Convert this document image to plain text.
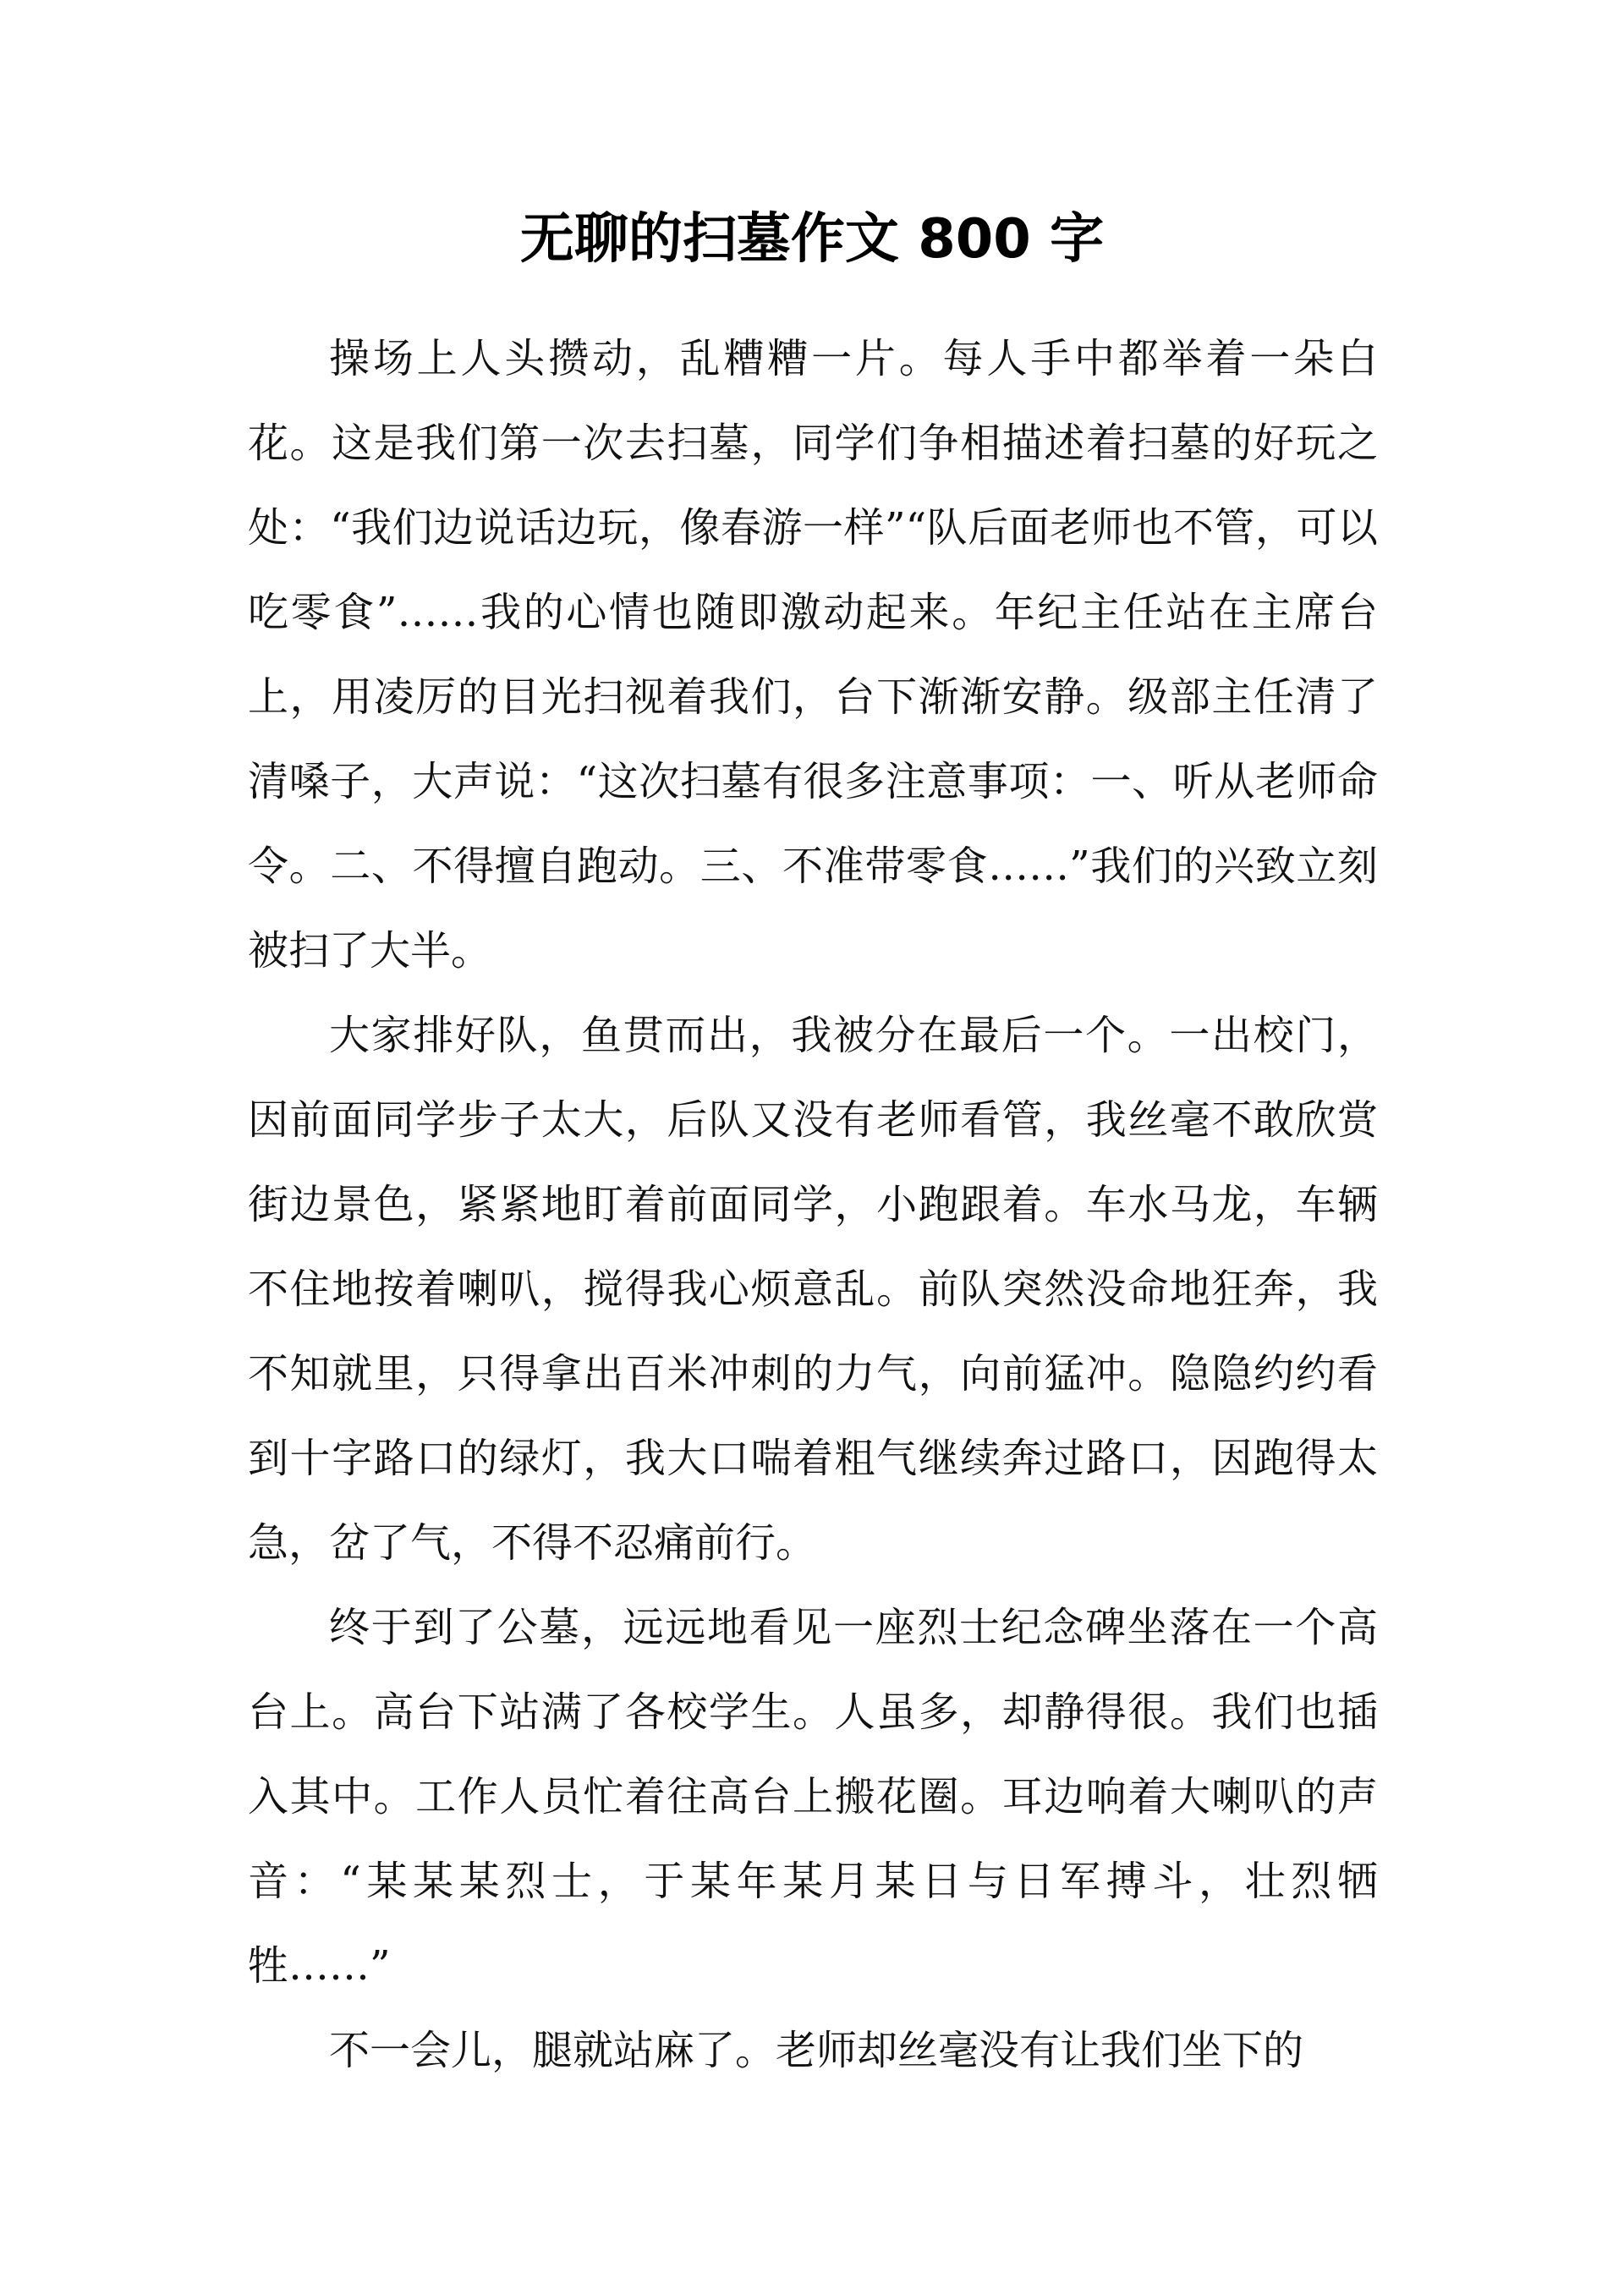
无聊的扫墓作文 800 字

操场上人头攒动，乱糟糟一片。每人手中都举着一朵白花。这是我们第一次去扫墓，同学们争相描述着扫墓的好玩之处：“我们边说话边玩，像春游一样”“队后面老师也不管，可以吃零食”……我的心情也随即激动起来。年纪主任站在主席台上，用凌厉的目光扫视着我们，台下渐渐安静。级部主任清了清嗓子，大声说：“这次扫墓有很多注意事项：一、听从老师命令。二、不得擅自跑动。三、不准带零食……”我们的兴致立刻被扫了大半。

大家排好队，鱼贯而出，我被分在最后一个。一出校门，因前面同学步子太大，后队又没有老师看管，我丝毫不敢欣赏街边景色，紧紧地盯着前面同学，小跑跟着。车水马龙，车辆不住地按着喇叭，搅得我心烦意乱。前队突然没命地狂奔，我不知就里，只得拿出百米冲刺的力气，向前猛冲。隐隐约约看到十字路口的绿灯，我大口喘着粗气继续奔过路口，因跑得太急，岔了气，不得不忍痛前行。

终于到了公墓，远远地看见一座烈士纪念碑坐落在一个高台上。高台下站满了各校学生。人虽多，却静得很。我们也插入其中。工作人员忙着往高台上搬花圈。耳边响着大喇叭的声音：“某某某烈士，于某年某月某日与日军搏斗，壮烈牺牲……”

不一会儿，腿就站麻了。老师却丝毫没有让我们坐下的
